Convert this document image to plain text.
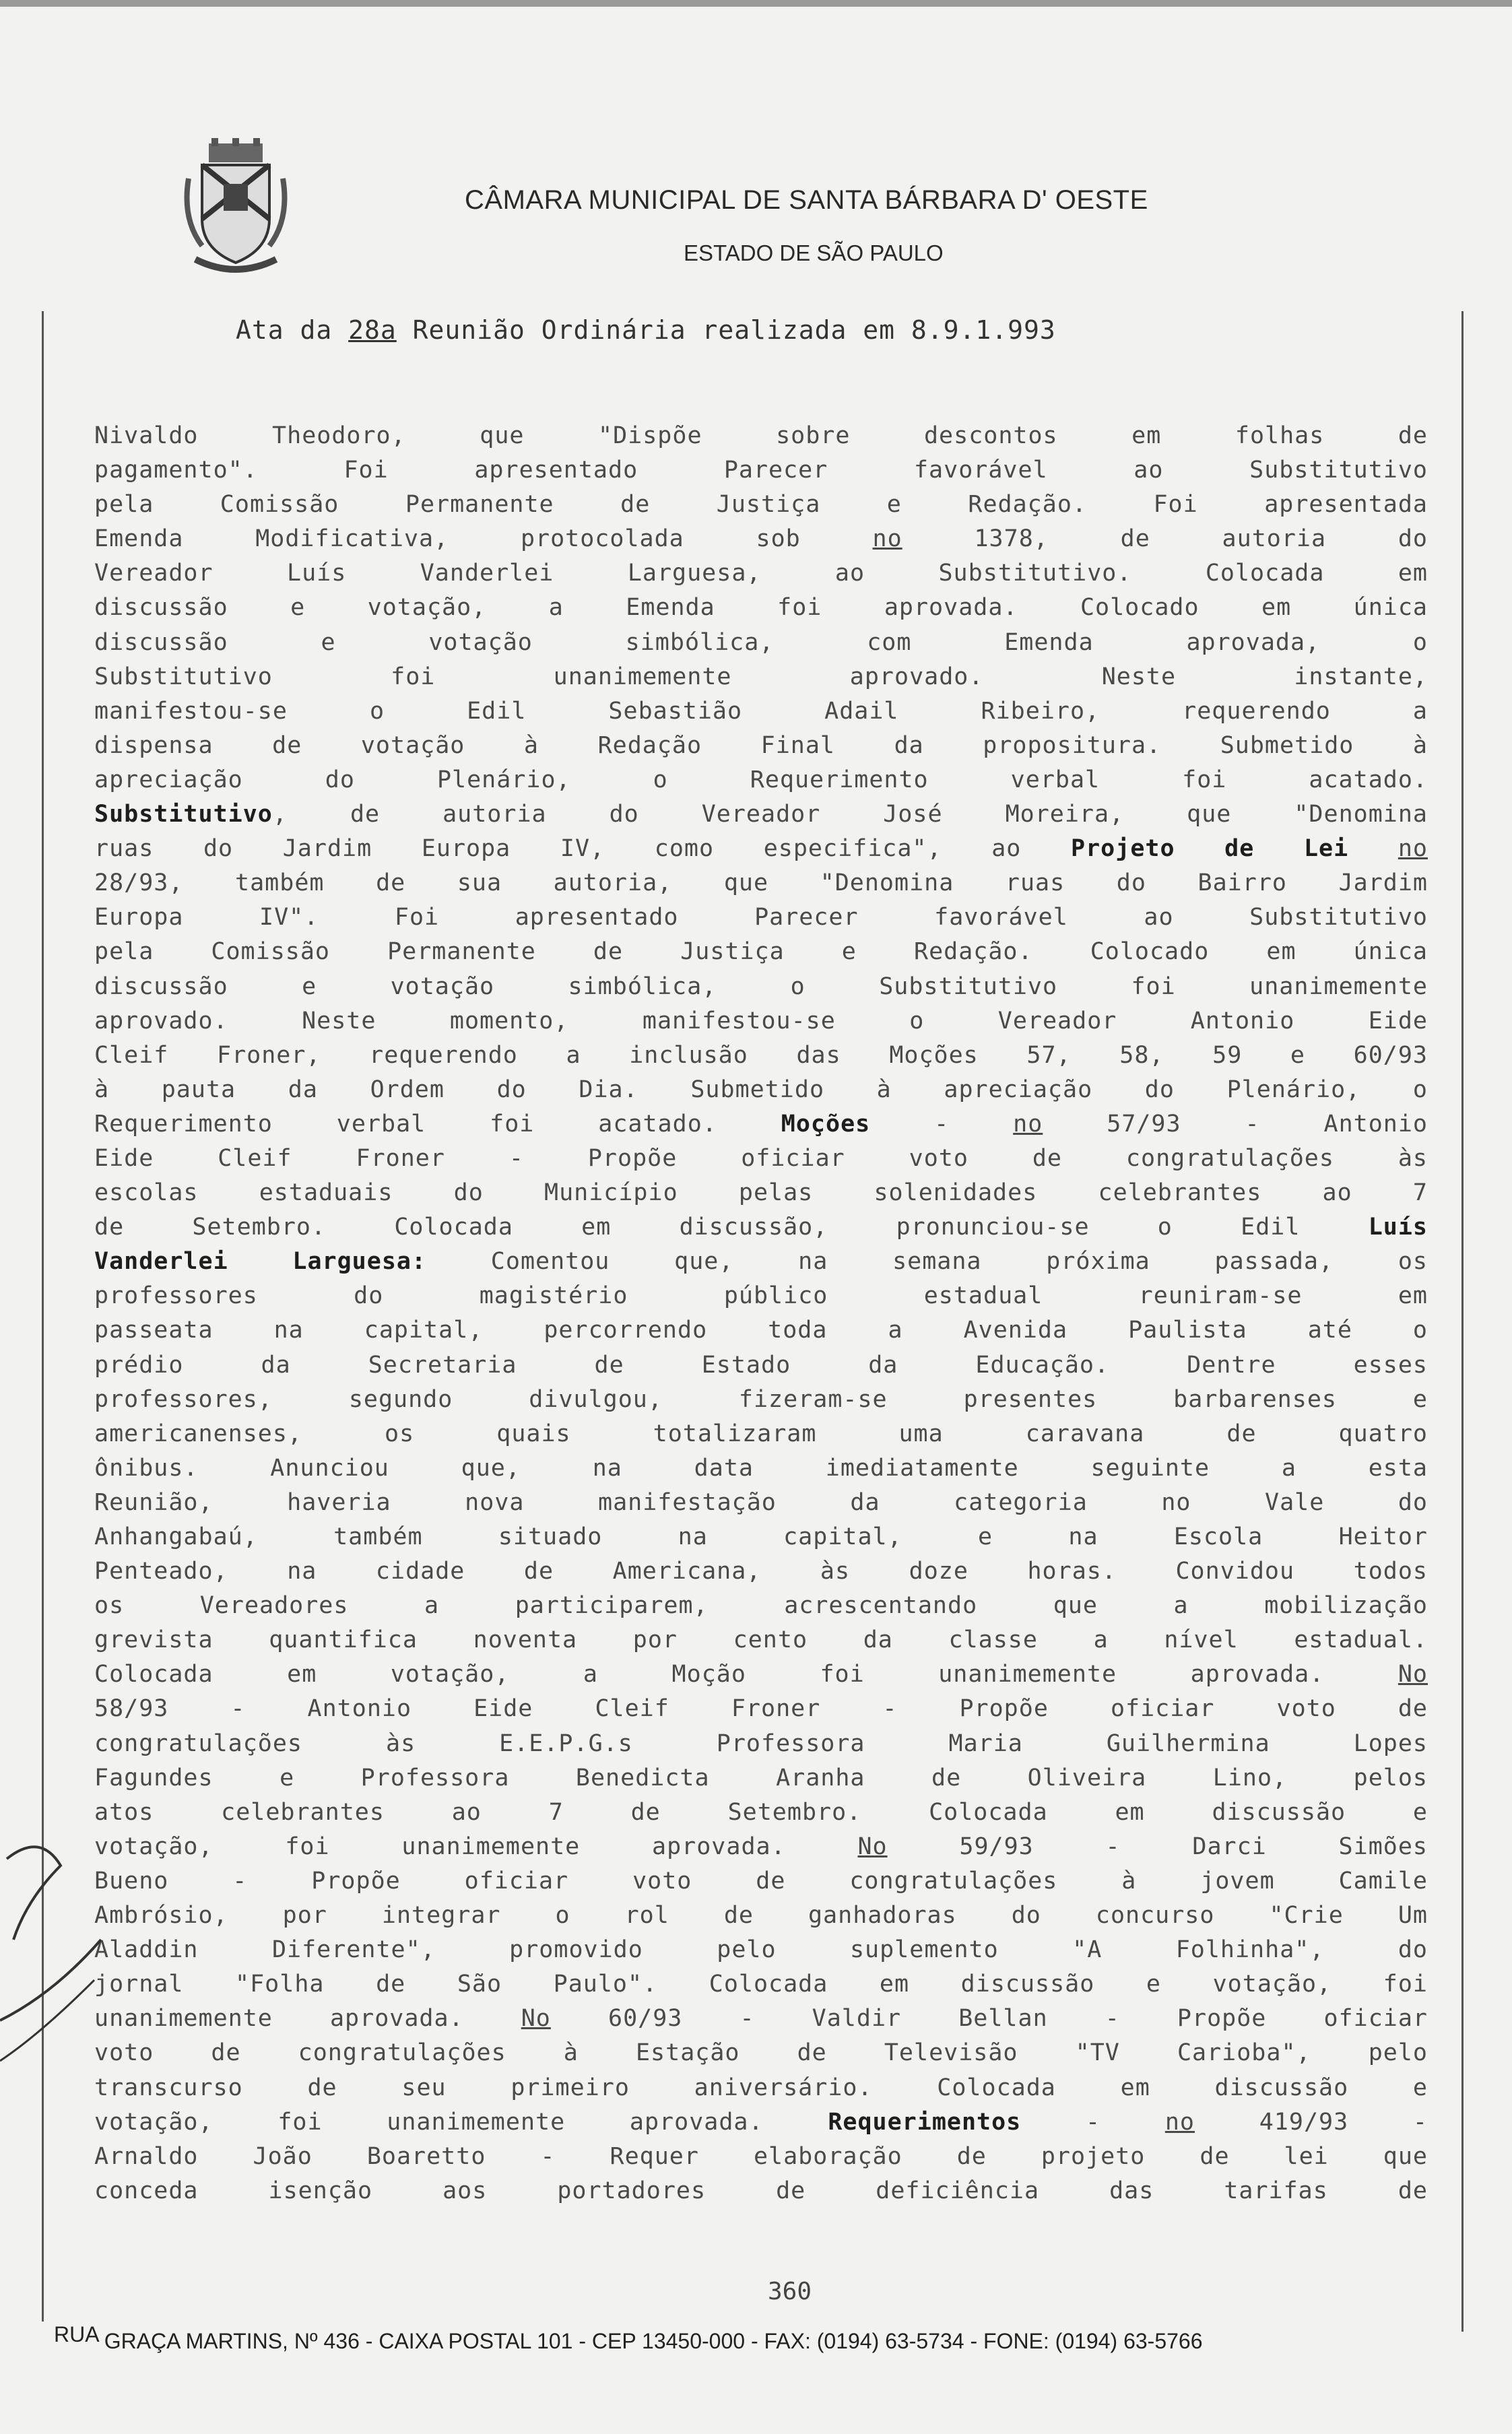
CÂMARA MUNICIPAL DE SANTA BÁRBARA D' OESTE
ESTADO DE SÃO PAULO
Ata da 28a Reunião Ordinária realizada em 8.9.1.993
Nivaldo Theodoro, que "Dispõe sobre descontos em folhas de
pagamento". Foi apresentado Parecer favorável ao Substitutivo
pela Comissão Permanente de Justiça e Redação. Foi apresentada
Emenda Modificativa, protocolada sob no 1378, de autoria do
Vereador Luís Vanderlei Larguesa, ao Substitutivo. Colocada em
discussão e votação, a Emenda foi aprovada. Colocado em única
discussão e votação simbólica, com Emenda aprovada, o
Substitutivo foi unanimemente aprovado. Neste instante,
manifestou-se o Edil Sebastião Adail Ribeiro, requerendo a
dispensa de votação à Redação Final da propositura. Submetido à
apreciação do Plenário, o Requerimento verbal foi acatado.
Substitutivo, de autoria do Vereador José Moreira, que "Denomina
ruas do Jardim Europa IV, como especifica", ao Projeto de Lei no
28/93, também de sua autoria, que "Denomina ruas do Bairro Jardim
Europa IV". Foi apresentado Parecer favorável ao Substitutivo
pela Comissão Permanente de Justiça e Redação. Colocado em única
discussão e votação simbólica, o Substitutivo foi unanimemente
aprovado. Neste momento, manifestou-se o Vereador Antonio Eide
Cleif Froner, requerendo a inclusão das Moções 57, 58, 59 e 60/93
à pauta da Ordem do Dia. Submetido à apreciação do Plenário, o
Requerimento verbal foi acatado. Moções - no 57/93 - Antonio
Eide Cleif Froner - Propõe oficiar voto de congratulações às
escolas estaduais do Município pelas solenidades celebrantes ao 7
de Setembro. Colocada em discussão, pronunciou-se o Edil Luís
Vanderlei Larguesa: Comentou que, na semana próxima passada, os
professores do magistério público estadual reuniram-se em
passeata na capital, percorrendo toda a Avenida Paulista até o
prédio da Secretaria de Estado da Educação. Dentre esses
professores, segundo divulgou, fizeram-se presentes barbarenses e
americanenses, os quais totalizaram uma caravana de quatro
ônibus. Anunciou que, na data imediatamente seguinte a esta
Reunião, haveria nova manifestação da categoria no Vale do
Anhangabaú, também situado na capital, e na Escola Heitor
Penteado, na cidade de Americana, às doze horas. Convidou todos
os Vereadores a participarem, acrescentando que a mobilização
grevista quantifica noventa por cento da classe a nível estadual.
Colocada em votação, a Moção foi unanimemente aprovada. No
58/93 - Antonio Eide Cleif Froner - Propõe oficiar voto de
congratulações às E.E.P.G.s Professora Maria Guilhermina Lopes
Fagundes e Professora Benedicta Aranha de Oliveira Lino, pelos
atos celebrantes ao 7 de Setembro. Colocada em discussão e
votação, foi unanimemente aprovada. No 59/93 - Darci Simões
Bueno - Propõe oficiar voto de congratulações à jovem Camile
Ambrósio, por integrar o rol de ganhadoras do concurso "Crie Um
Aladdin Diferente", promovido pelo suplemento "A Folhinha", do
jornal "Folha de São Paulo". Colocada em discussão e votação, foi
unanimemente aprovada. No 60/93 - Valdir Bellan - Propõe oficiar
voto de congratulações à Estação de Televisão "TV Carioba", pelo
transcurso de seu primeiro aniversário. Colocada em discussão e
votação, foi unanimemente aprovada. Requerimentos - no 419/93 -
Arnaldo João Boaretto - Requer elaboração de projeto de lei que
conceda isenção aos portadores de deficiência das tarifas de
360
RUA GRAÇA MARTINS, Nº 436 - CAIXA POSTAL 101 - CEP 13450-000 - FAX: (0194) 63-5734 - FONE: (0194) 63-5766
